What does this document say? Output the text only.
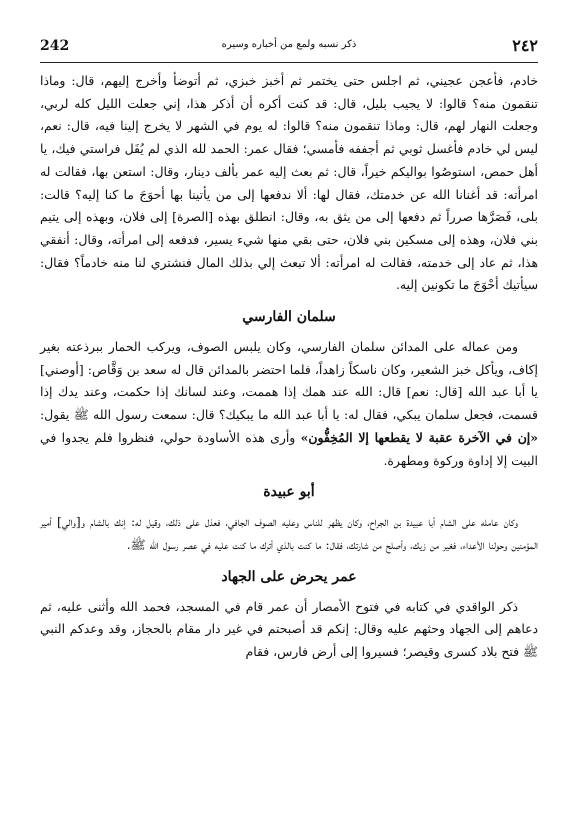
242	ذكر نسبه ولمع من أخباره وسيره	٢٤٢

خادم، فأعجن عجيني، ثم اجلس حتى يختمر ثم أخبز خبزي، ثم أتوضأ وأخرج إليهم، قال: وماذا تنقمون منه؟ قالوا: لا يجيب بليل، قال: قد كنت أكره أن أذكر هذا، إني جعلت الليل كله لربي، وجعلت النهار لهم، قال: وماذا تنقمون منه؟ قالوا: له يوم في الشهر لا يخرج إلينا فيه، قال: نعم، ليس لي خادم فأغسل ثوبي ثم أجففه فأمسي؛ فقال عمر: الحمد لله الذي لم يُفَل فراستي فيك، يا أهل حمص، استوصُوا بواليكم خيراً، قال: ثم بعث إليه عمر بألف دينار، وقال: استعن بها، فقالت له امرأته: قد أغنانا الله عن خدمتك، فقال لها: ألا ندفعها إلى من يأتينا بها أحوَجَ ما كنا إليه؟ قالت: بلى، فَصَرَّها صرراً ثم دفعها إلى من يثق به، وقال: انطلق بهذه [الصرة] إلى فلان، وبهذه إلى يتيم بني فلان، وهذه إلى مسكين بني فلان، حتى بقي منها شيء يسير، فدفعه إلى امرأته، وقال: أنفقي هذا، ثم عاد إلى خدمته، فقالت له امرأته: ألا تبعث إلي بذلك المال فنشتري لنا منه خادماً؟ فقال: سيأتيك أحْوَجَ ما تكونين إليه.

سلمان الفارسي

ومن عماله على المدائن سلمان الفارسي، وكان يلبس الصوف، ويركب الحمار ببرذعته بغير إكاف، ويأكل خبز الشعير، وكان ناسكاً زاهداً، فلما احتضر بالمدائن قال له سعد بن وَقَّاص: [أوصني] يا أبا عبد الله [قال: نعم] قال: الله عند همك إذا هممت، وعند لسانك إذا حكمت، وعند يدك إذا قسمت، فجعل سلمان يبكي، فقال له: يا أبا عبد الله ما يبكيك؟ قال: سمعت رسول الله ﷺ يقول: «إن في الآخرة عقبة لا يقطعها إلا المُخِفُّون» وأرى هذه الأساودة حولي، فنظروا فلم يجدوا في البيت إلا إداوة وركوة ومطهرة.

أبو عبيدة

وكان عامله على الشام أبا عبيدة بن الجراح، وكان يظهر للناس وعليه الصوف الجافي، فعذل على ذلك، وقيل له: إنك بالشام و[والي] أمير المؤمنين وحولنا الأعداء، فغير من زيك، وأصلح من شارتك، فقال: ما كنت بالذي أترك ما كنت عليه في عصر رسول الله ﷺ.

عمر يحرض على الجهاد

ذكر الواقدي في كتابه في فتوح الأمصار أن عمر قام في المسجد، فحمد الله وأثنى عليه، ثم دعاهم إلى الجهاد وحثهم عليه وقال: إنكم قد أصبحتم في غير دار مقام بالحجاز، وقد وعدكم النبي ﷺ فتح بلاد كسرى وقيصر؛ فسيروا إلى أرض فارس، فقام
